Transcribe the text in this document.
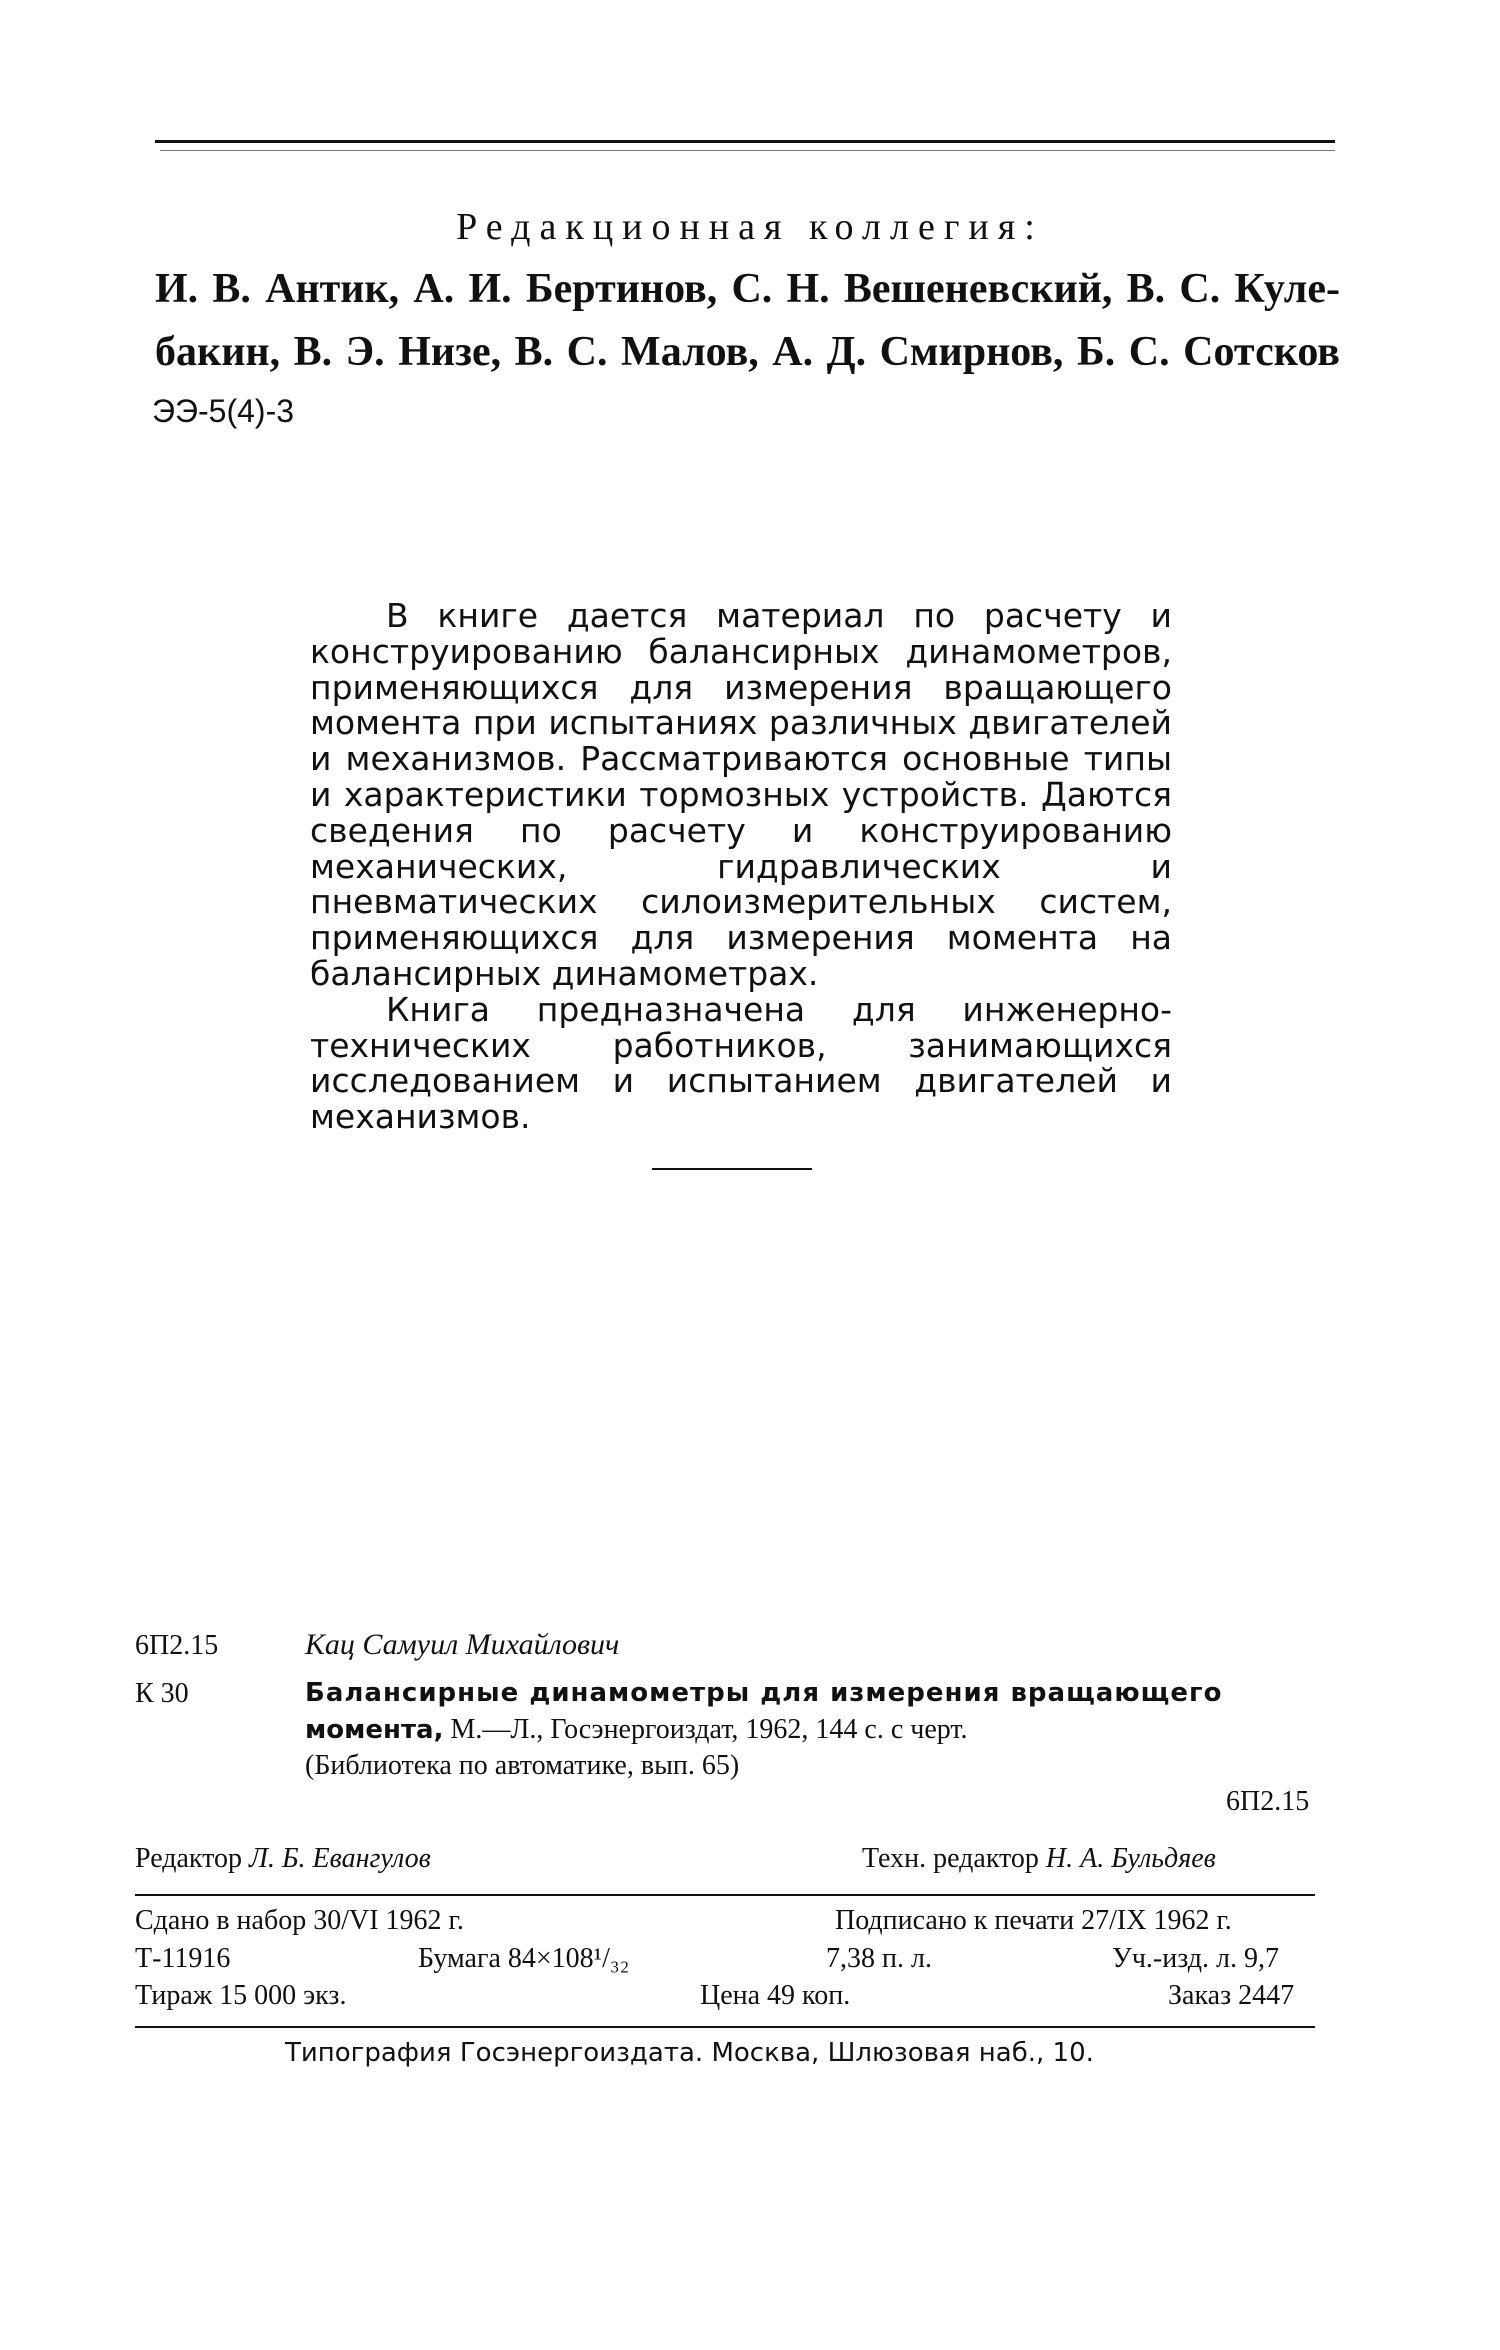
Редакционная коллегия:
И. В. Антик, А. И. Бертинов, С. Н. Вешеневский, В. С. Куле-
бакин, В. Э. Низе, В. С. Малов, А. Д. Смирнов, Б. С. Сотсков
ЭЭ-5(4)-3

В книге дается материал по расчету и конструированию балансирных динамометров, применяющихся для измерения вращающего момента при испытаниях различных двигателей и механизмов. Рассматриваются основные типы и характеристики тормозных устройств. Даются сведения по расчету и конструированию механических, гидравлических и пневматических силоизмерительных систем, применяющихся для измерения момента на балансирных динамометрах.

Книга предназначена для инженерно-технических работников, занимающихся исследованием и испытанием двигателей и механизмов.

6П2.15	Кац Самуил Михайлович
К 30	Балансирные динамометры для измерения вращающего
момента, М.—Л., Госэнергоиздат, 1962, 144 с. с черт.
(Библиотека по автоматике, вып. 65)
6П2.15
Редактор Л. Б. Евангулов	Техн. редактор Н. А. Бульдяев
Сдано в набор 30/VI 1962 г.	Подписано к печати 27/IX 1962 г.
Т-11916	Бумага 84×108¹/₃₂	7,38 п. л.	Уч.-изд. л. 9,7
Тираж 15 000 экз.	Цена 49 коп.	Заказ 2447
Типография Госэнергоиздата. Москва, Шлюзовая наб., 10.
